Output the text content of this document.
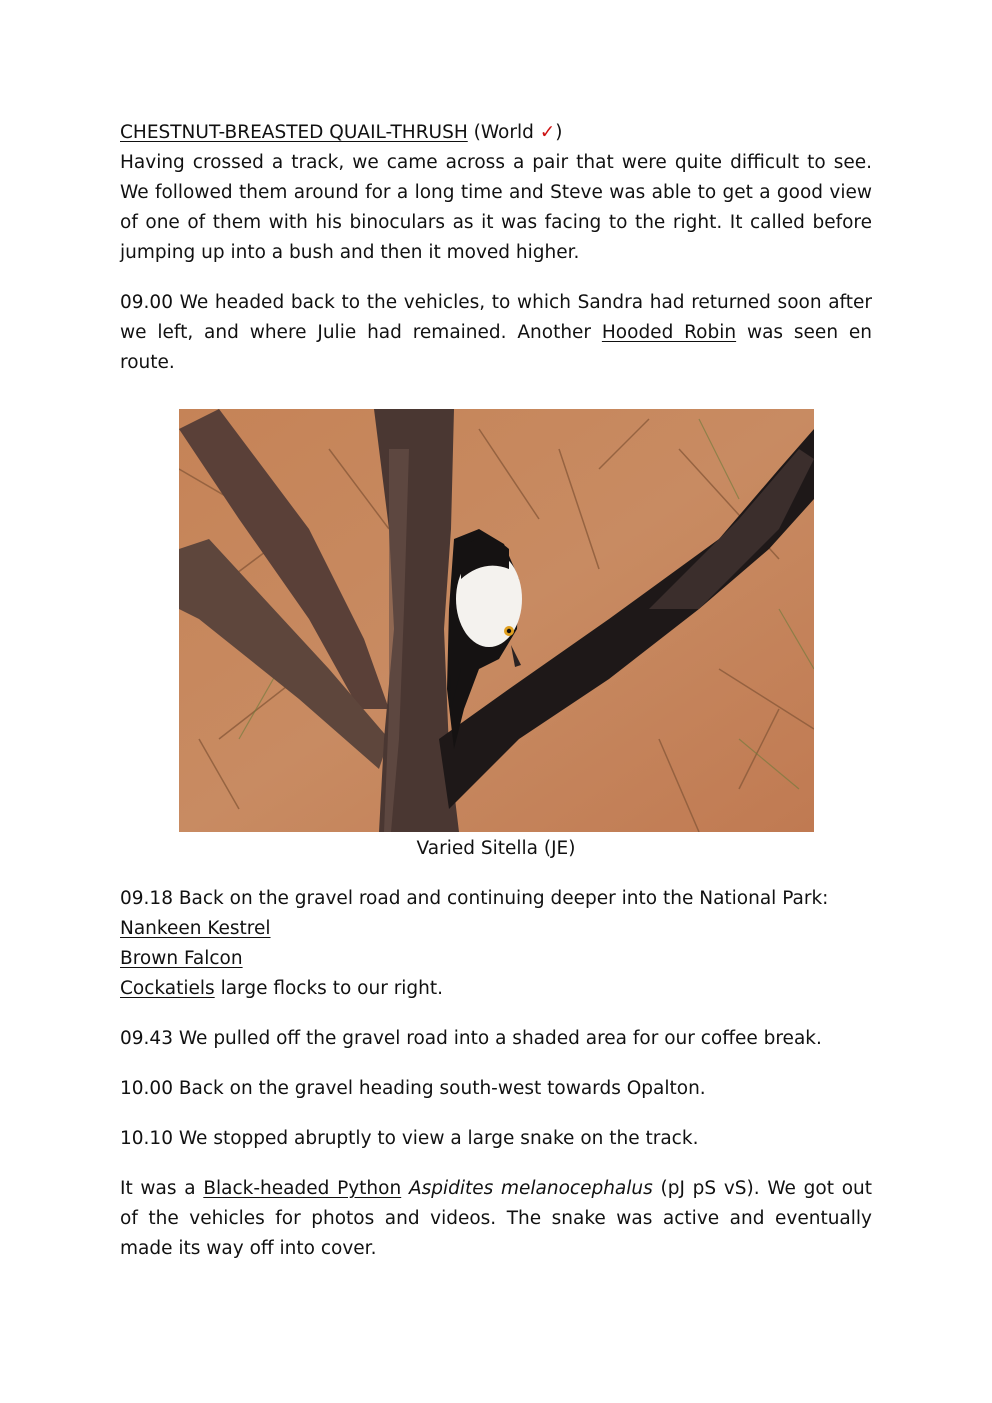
CHESTNUT-BREASTED QUAIL-THRUSH (World ✓)
Having crossed a track, we came across a pair that were quite difficult to see. We followed them around for a long time and Steve was able to get a good view of one of them with his binoculars as it was facing to the right. It called before jumping up into a bush and then it moved higher.

09.00 We headed back to the vehicles, to which Sandra had returned soon after we left, and where Julie had remained. Another Hooded Robin was seen en route.

Varied Sitella (JE)

09.18 Back on the gravel road and continuing deeper into the National Park:
Nankeen Kestrel
Brown Falcon
Cockatiels large flocks to our right.

09.43 We pulled off the gravel road into a shaded area for our coffee break.

10.00 Back on the gravel heading south-west towards Opalton.

10.10 We stopped abruptly to view a large snake on the track.

It was a Black-headed Python Aspidites melanocephalus (pJ pS vS). We got out of the vehicles for photos and videos. The snake was active and eventually made its way off into cover.
